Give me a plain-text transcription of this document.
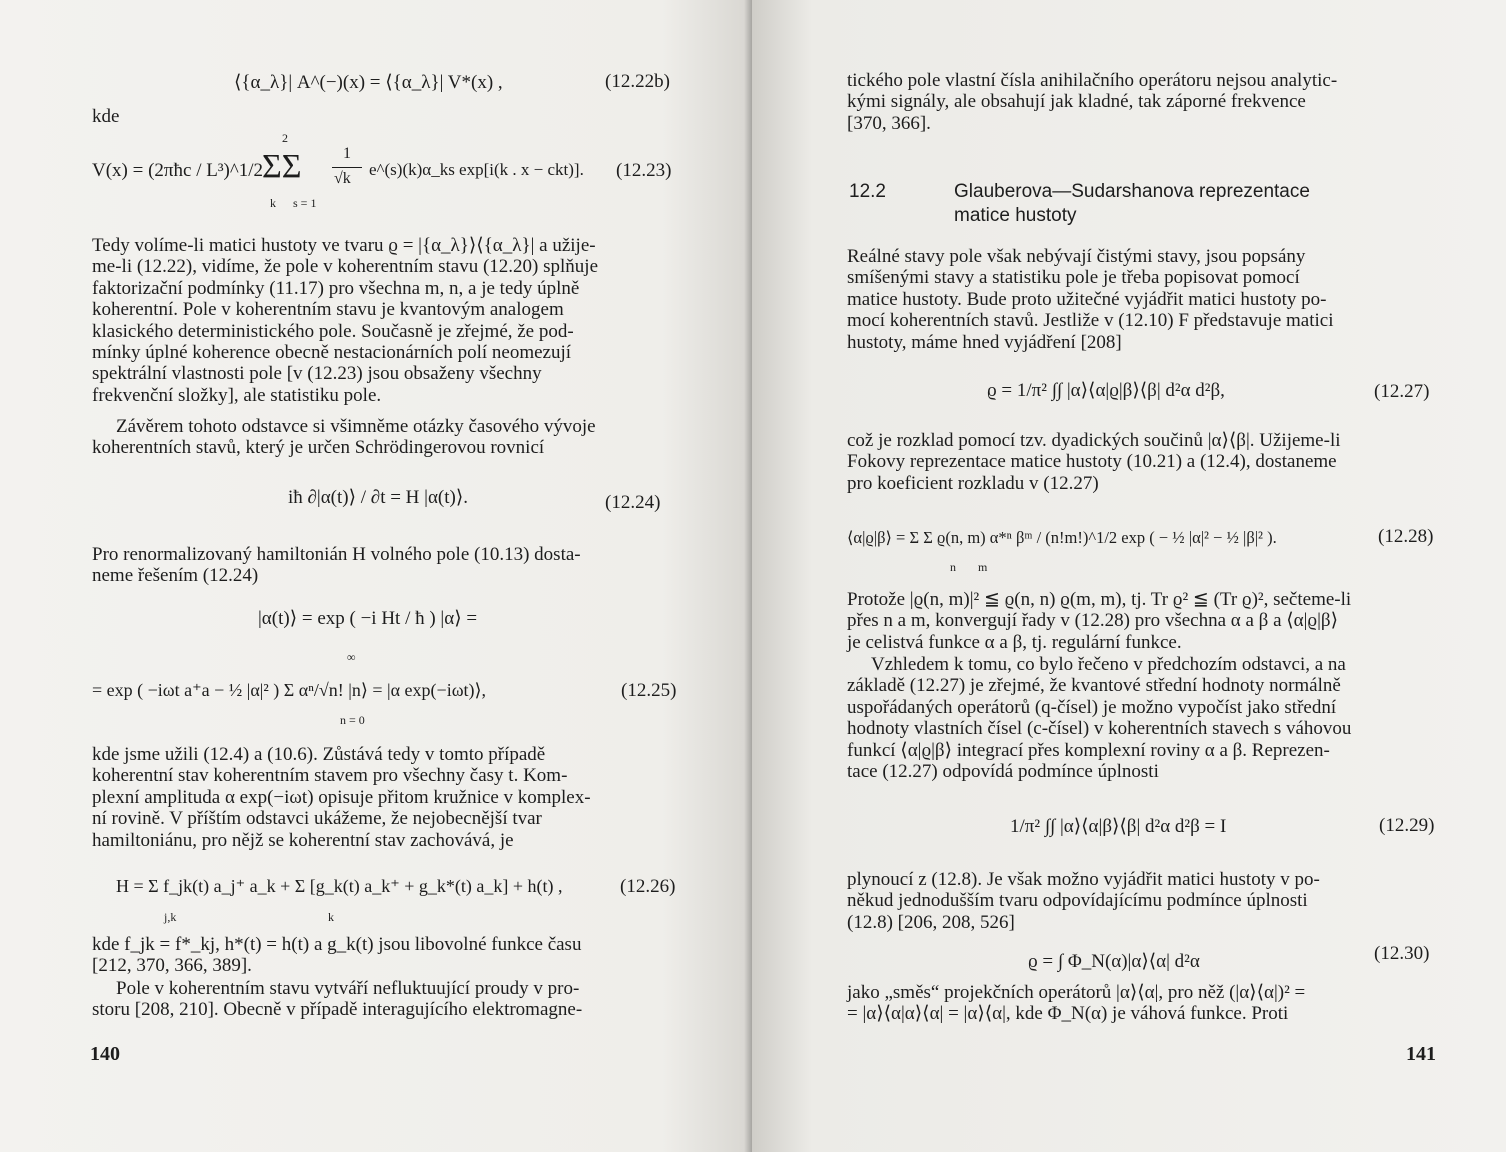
⟨{α_λ}| A^(−)(x) = ⟨{α_λ}| V*(x) ,	(12.22b)
kde
V(x) = (2πħc / L³)^1/2
2
ΣΣ
k s = 1
1
√k e^(s)(k)α_ks exp[i(k . x − ckt)]. (12.23)
Tedy volíme-li matici hustoty ve tvaru ϱ = |{α_λ}⟩⟨{α_λ}| a užije-
me-li (12.22), vidíme, že pole v koherentním stavu (12.20) splňuje
faktorizační podmínky (11.17) pro všechna m, n, a je tedy úplně
koherentní. Pole v koherentním stavu je kvantovým analogem
klasického deterministického pole. Současně je zřejmé, že pod-
mínky úplné koherence obecně nestacionárních polí neomezují
spektrální vlastnosti pole [v (12.23) jsou obsaženy všechny
frekvenční složky], ale statistiku pole.
Závěrem tohoto odstavce si všimněme otázky časového vývoje
koherentních stavů, který je určen Schrödingerovou rovnicí
iħ ∂|α(t)⟩ / ∂t = H |α(t)⟩.	(12.24)
Pro renormalizovaný hamiltonián H volného pole (10.13) dosta-
neme řešením (12.24)
|α(t)⟩ = exp ( −i Ht / ħ ) |α⟩ =
∞
n = 0
= exp ( −iωt a⁺a − ½ |α|² ) Σ αⁿ/√n! |n⟩ = |α exp(−iωt)⟩,	(12.25)
kde jsme užili (12.4) a (10.6). Zůstává tedy v tomto případě
koherentní stav koherentním stavem pro všechny časy t. Kom-
plexní amplituda α exp(−iωt) opisuje přitom kružnice v komplex-
ní rovině. V příštím odstavci ukážeme, že nejobecnější tvar
hamiltoniánu, pro nějž se koherentní stav zachovává, je
j,k	k
H = Σ f_jk(t) a_j⁺ a_k + Σ [g_k(t) a_k⁺ + g_k*(t) a_k] + h(t) ,	(12.26)
kde f_jk = f*_kj, h*(t) = h(t) a g_k(t) jsou libovolné funkce času
[212, 370, 366, 389].
Pole v koherentním stavu vytváří nefluktuující proudy v pro-
storu [208, 210]. Obecně v případě interagujícího elektromagne-
140
tického pole vlastní čísla anihilačního operátoru nejsou analytic-
kými signály, ale obsahují jak kladné, tak záporné frekvence
[370, 366].
12.2	Glauberova—Sudarshanova reprezentace
matice hustoty
Reálné stavy pole však nebývají čistými stavy, jsou popsány
smíšenými stavy a statistiku pole je třeba popisovat pomocí
matice hustoty. Bude proto užitečné vyjádřit matici hustoty po-
mocí koherentních stavů. Jestliže v (12.10) F představuje matici
hustoty, máme hned vyjádření [208]
ϱ = 1/π² ∫∫ |α⟩⟨α|ϱ|β⟩⟨β| d²α d²β,	(12.27)
což je rozklad pomocí tzv. dyadických součinů |α⟩⟨β|. Užijeme-li
Fokovy reprezentace matice hustoty (10.21) a (12.4), dostaneme
pro koeficient rozkladu v (12.27)
n m
⟨α|ϱ|β⟩ = Σ Σ ϱ(n, m) α*ⁿ βᵐ / (n!m!)^1/2 exp ( − ½ |α|² − ½ |β|² ).	(12.28)
Protože |ϱ(n, m)|² ≦ ϱ(n, n) ϱ(m, m), tj. Tr ϱ² ≦ (Tr ϱ)², sečteme-li
přes n a m, konvergují řady v (12.28) pro všechna α a β a ⟨α|ϱ|β⟩
je celistvá funkce α a β, tj. regulární funkce.
Vzhledem k tomu, co bylo řečeno v předchozím odstavci, a na
základě (12.27) je zřejmé, že kvantové střední hodnoty normálně
uspořádaných operátorů (q-čísel) je možno vypočíst jako střední
hodnoty vlastních čísel (c-čísel) v koherentních stavech s váhovou
funkcí ⟨α|ϱ|β⟩ integrací přes komplexní roviny α a β. Reprezen-
tace (12.27) odpovídá podmínce úplnosti
1/π² ∫∫ |α⟩⟨α|β⟩⟨β| d²α d²β = I	(12.29)
plynoucí z (12.8). Je však možno vyjádřit matici hustoty v po-
někud jednodušším tvaru odpovídajícímu podmínce úplnosti
(12.8) [206, 208, 526]
ϱ = ∫ Φ_N(α)|α⟩⟨α| d²α	(12.30)
jako „směs“ projekčních operátorů |α⟩⟨α|, pro něž (|α⟩⟨α|)² =
= |α⟩⟨α|α⟩⟨α| = |α⟩⟨α|, kde Φ_N(α) je váhová funkce. Proti
141
